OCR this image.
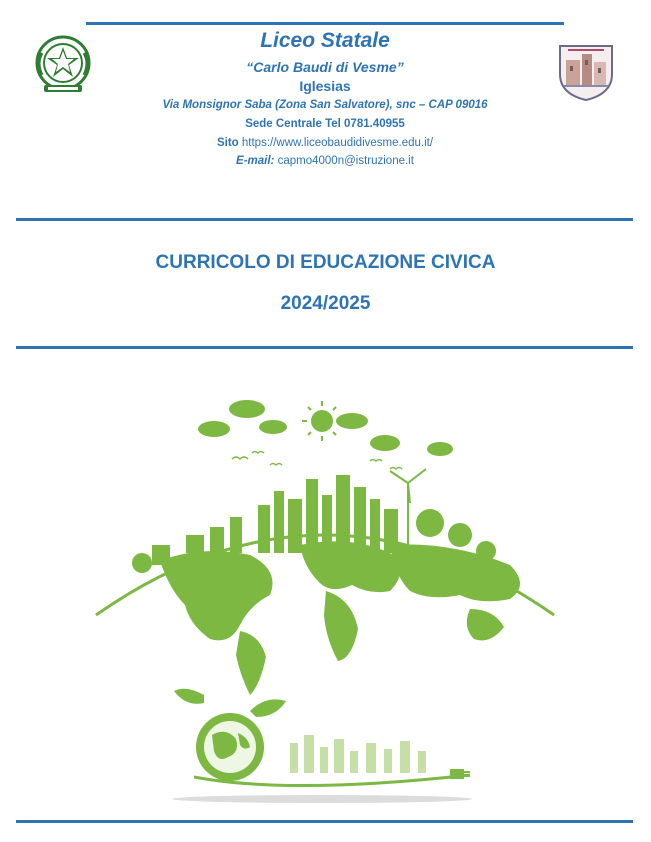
Liceo Statale
“Carlo Baudi di Vesme”
Iglesias
Via Monsignor Saba (Zona San Salvatore), snc – CAP 09016
Sede Centrale Tel 0781.40955
Sito https://www.liceobaudidivesme.edu.it/
E-mail: capmo4000n@istruzione.it
CURRICOLO DI EDUCAZIONE CIVICA
2024/2025
